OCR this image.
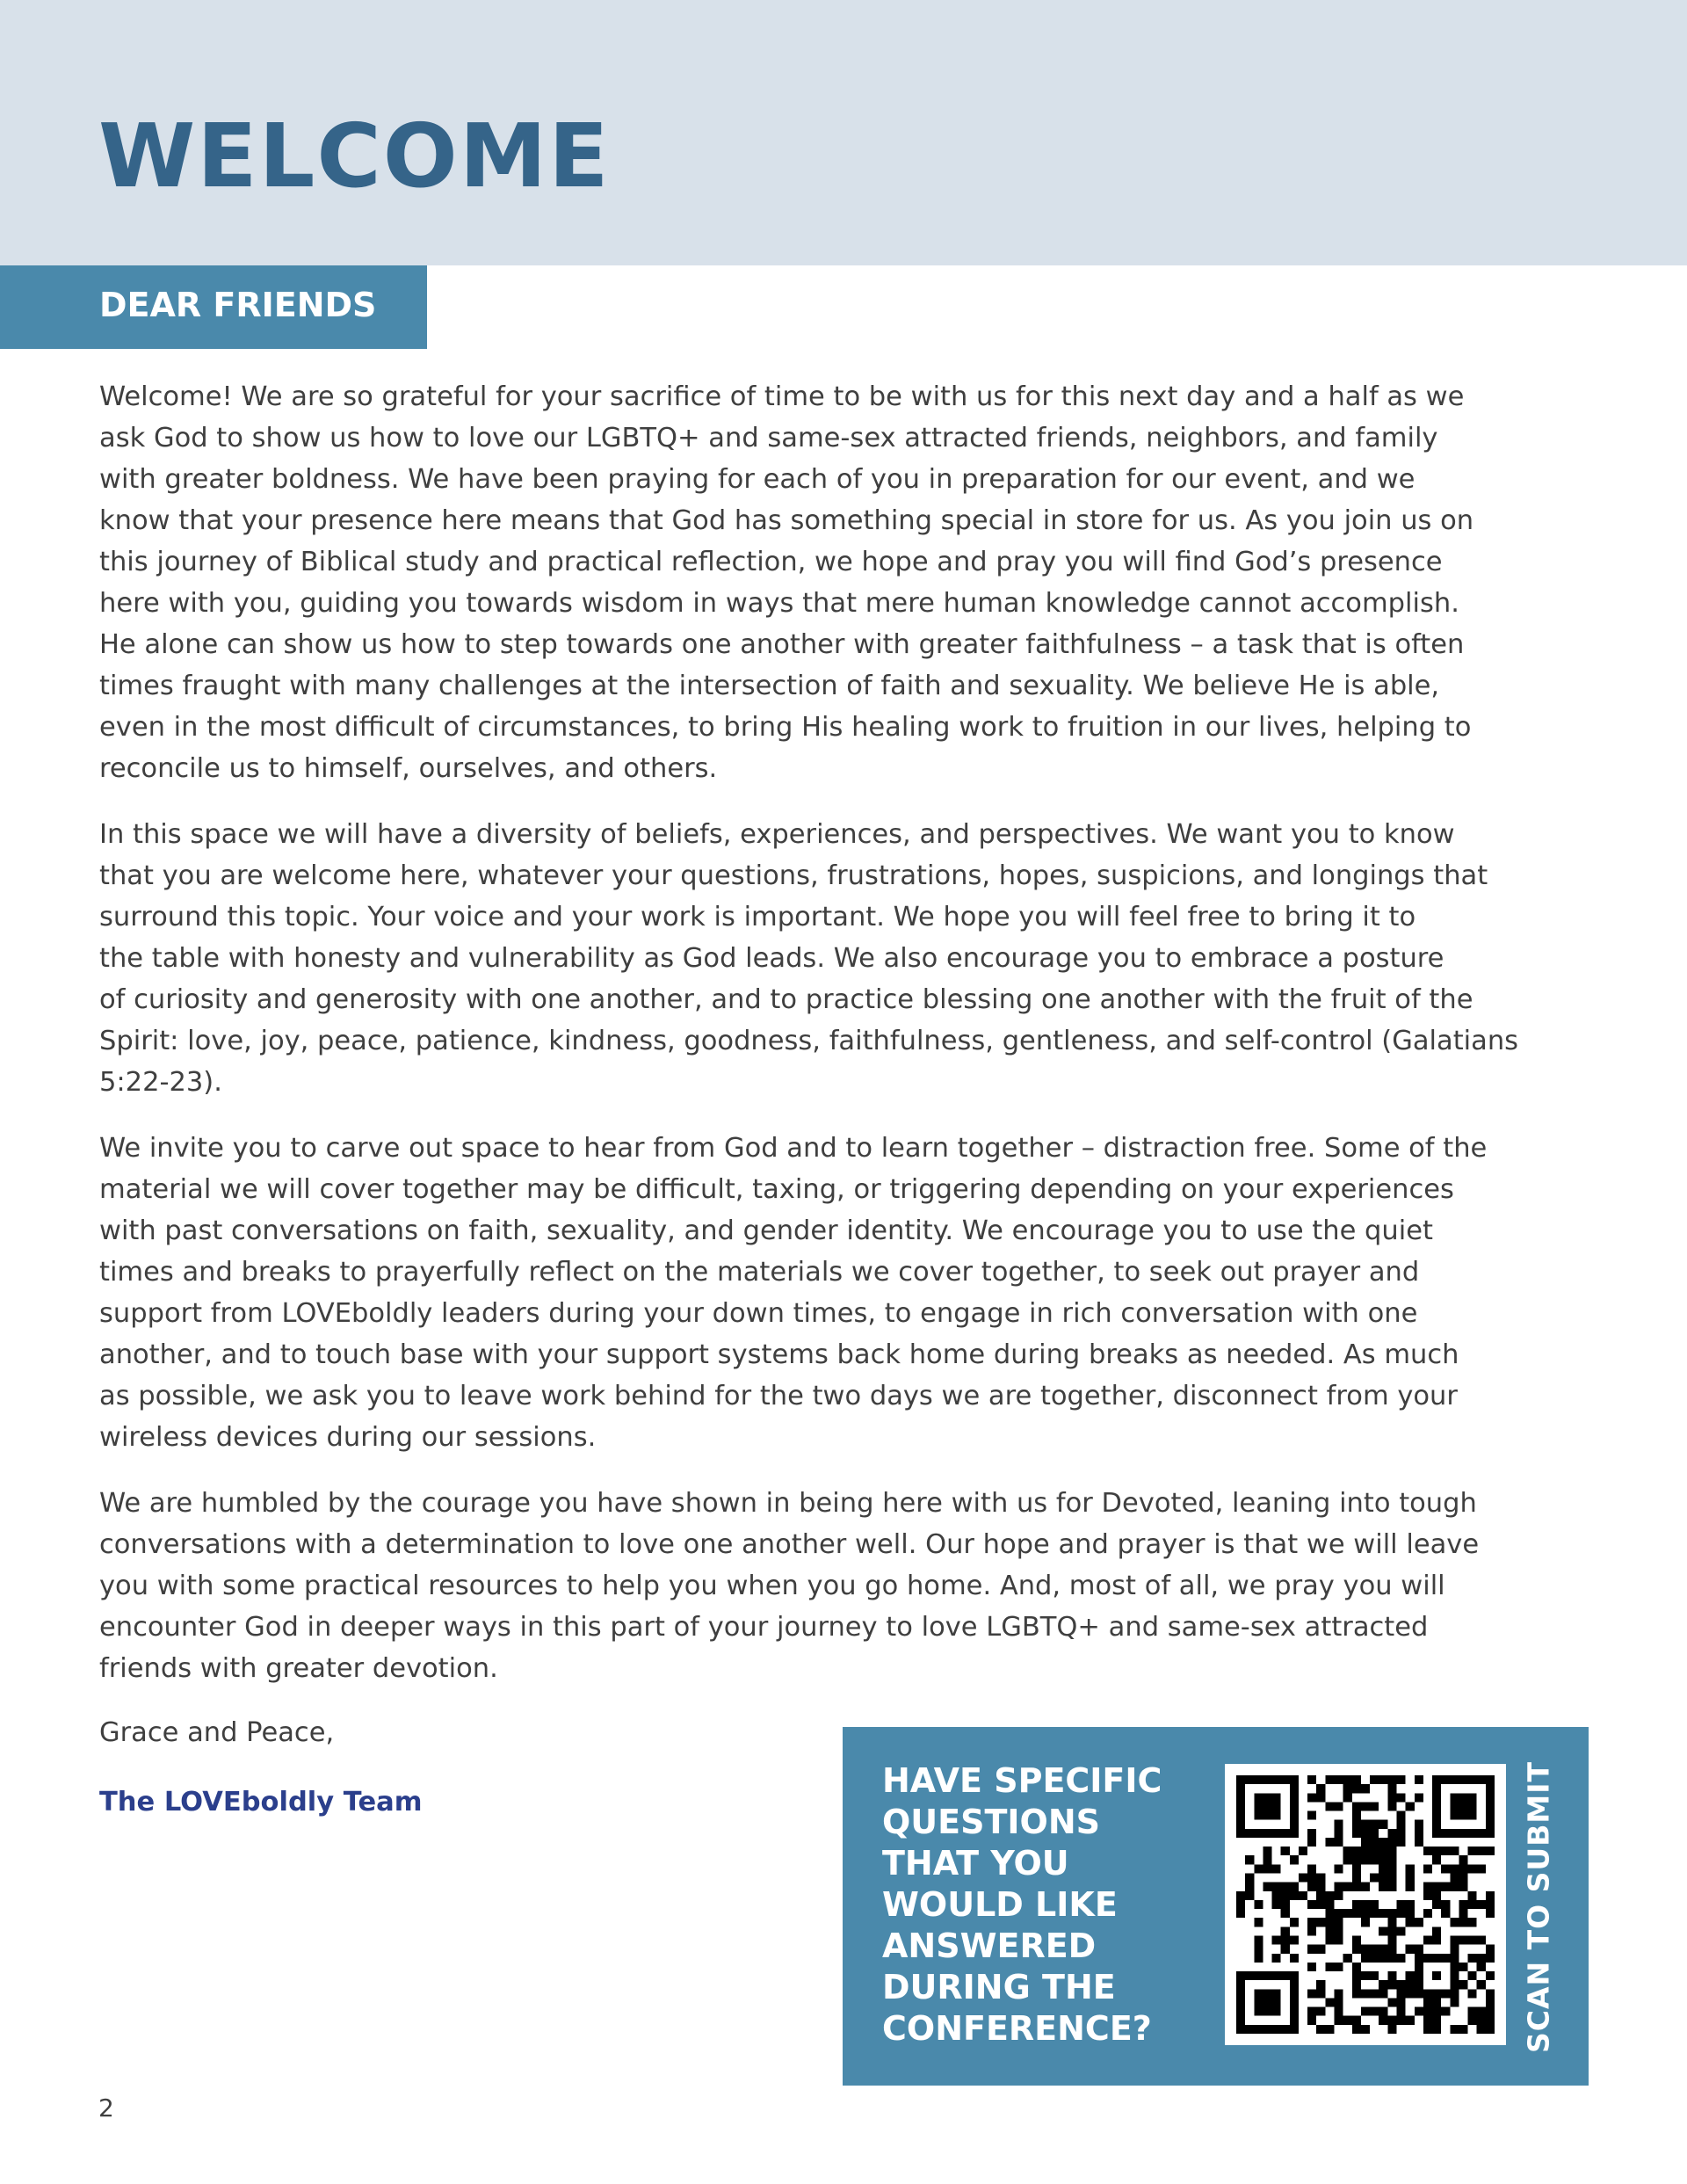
WELCOME
DEAR FRIENDS

Welcome! We are so grateful for your sacrifice of time to be with us for this next day and a half as we
ask God to show us how to love our LGBTQ+ and same-sex attracted friends, neighbors, and family
with greater boldness. We have been praying for each of you in preparation for our event, and we
know that your presence here means that God has something special in store for us. As you join us on
this journey of Biblical study and practical reflection, we hope and pray you will find God’s presence
here with you, guiding you towards wisdom in ways that mere human knowledge cannot accomplish.
He alone can show us how to step towards one another with greater faithfulness – a task that is often
times fraught with many challenges at the intersection of faith and sexuality. We believe He is able,
even in the most difficult of circumstances, to bring His healing work to fruition in our lives, helping to
reconcile us to himself, ourselves, and others.

In this space we will have a diversity of beliefs, experiences, and perspectives. We want you to know
that you are welcome here, whatever your questions, frustrations, hopes, suspicions, and longings that
surround this topic. Your voice and your work is important. We hope you will feel free to bring it to
the table with honesty and vulnerability as God leads. We also encourage you to embrace a posture
of curiosity and generosity with one another, and to practice blessing one another with the fruit of the
Spirit: love, joy, peace, patience, kindness, goodness, faithfulness, gentleness, and self-control (Galatians
5:22-23).

We invite you to carve out space to hear from God and to learn together – distraction free. Some of the
material we will cover together may be difficult, taxing, or triggering depending on your experiences
with past conversations on faith, sexuality, and gender identity. We encourage you to use the quiet
times and breaks to prayerfully reflect on the materials we cover together, to seek out prayer and
support from LOVEboldly leaders during your down times, to engage in rich conversation with one
another, and to touch base with your support systems back home during breaks as needed. As much
as possible, we ask you to leave work behind for the two days we are together, disconnect from your
wireless devices during our sessions.

We are humbled by the courage you have shown in being here with us for Devoted, leaning into tough
conversations with a determination to love one another well. Our hope and prayer is that we will leave
you with some practical resources to help you when you go home. And, most of all, we pray you will
encounter God in deeper ways in this part of your journey to love LGBTQ+ and same-sex attracted
friends with greater devotion.

Grace and Peace,
The LOVEboldly Team
HAVE SPECIFIC
QUESTIONS
THAT YOU
WOULD LIKE
ANSWERED
DURING THE
CONFERENCE?	SCAN TO SUBMIT
2
